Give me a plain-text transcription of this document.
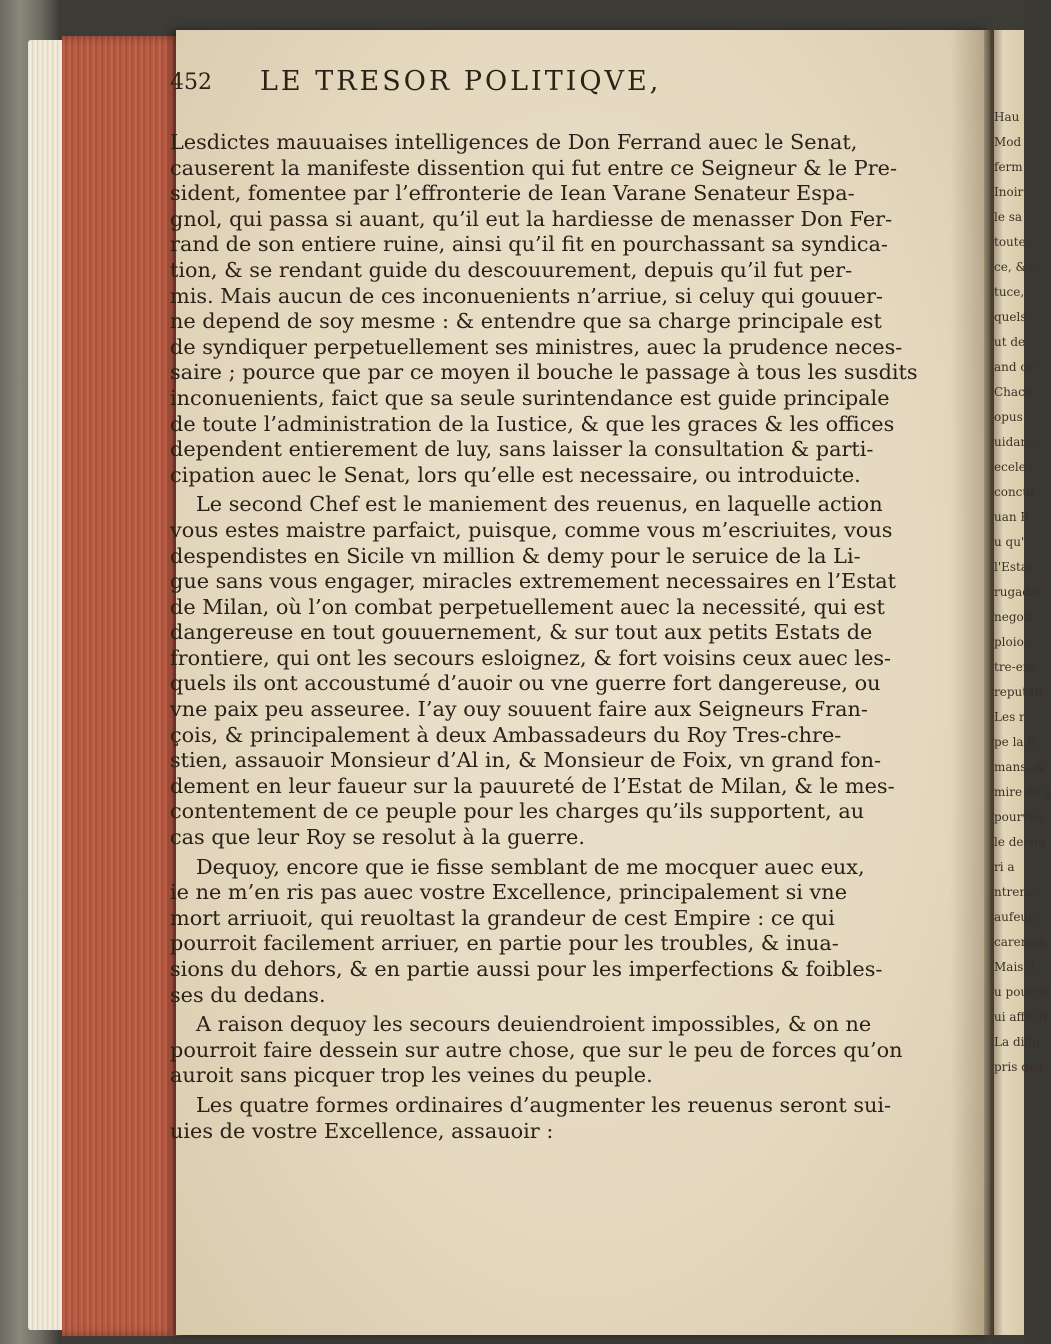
452 LE TRESOR POLITIQVE,
Lesdictes mauuaises intelligences de Don Ferrand auec le Senat,
causerent la manifeste dissention qui fut entre ce Seigneur & le Pre-
sident, fomentee par l’effronterie de Iean Varane Senateur Espa-
gnol, qui passa si auant, qu’il eut la hardiesse de menasser Don Fer-
rand de son entiere ruine, ainsi qu’il fit en pourchassant sa syndica-
tion, & se rendant guide du descouurement, depuis qu’il fut per-
mis. Mais aucun de ces inconuenients n’arriue, si celuy qui gouuer-
ne depend de soy mesme : & entendre que sa charge principale est
de syndiquer perpetuellement ses ministres, auec la prudence neces-
saire ; pource que par ce moyen il bouche le passage à tous les susdits
inconuenients, faict que sa seule surintendance est guide principale
de toute l’administration de la Iustice, & que les graces & les offices
dependent entierement de luy, sans laisser la consultation & parti-
cipation auec le Senat, lors qu’elle est necessaire, ou introduicte.
Le second Chef est le maniement des reuenus, en laquelle action
vous estes maistre parfaict, puisque, comme vous m’escriuites, vous
despendistes en Sicile vn million & demy pour le seruice de la Li-
gue sans vous engager, miracles extremement necessaires en l’Estat
de Milan, où l’on combat perpetuellement auec la necessité, qui est
dangereuse en tout gouuernement, & sur tout aux petits Estats de
frontiere, qui ont les secours esloignez, & fort voisins ceux auec les-
quels ils ont accoustumé d’auoir ou vne guerre fort dangereuse, ou
vne paix peu asseuree. I’ay ouy souuent faire aux Seigneurs Fran-
çois, & principalement à deux Ambassadeurs du Roy Tres-chre-
stien, assauoir Monsieur d’Al in, & Monsieur de Foix, vn grand fon-
dement en leur faueur sur la pauureté de l’Estat de Milan, & le mes-
contentement de ce peuple pour les charges qu’ils supportent, au
cas que leur Roy se resolut à la guerre.
Dequoy, encore que ie fisse semblant de me mocquer auec eux,
ie ne m’en ris pas auec vostre Excellence, principalement si vne
mort arriuoit, qui reuoltast la grandeur de cest Empire : ce qui
pourroit facilement arriuer, en partie pour les troubles, & inua-
sions du dehors, & en partie aussi pour les imperfections & foibles-
ses du dedans.
A raison dequoy les secours deuiendroient impossibles, & on ne
pourroit faire dessein sur autre chose, que sur le peu de forces qu’on
auroit sans picquer trop les veines du peuple.
Les quatre formes ordinaires d’augmenter les reuenus seront sui-
uies de vostre Excellence, assauoir :
Hau
Mod
ferm
Inoir
le sa
toute
ce, & l
tuce,
quels
ut de
and co
Chacu
opus
uidanc
ecele
concur
uan R
u qu'
l'Estat
rugadat
negoti
ploiou
tre-enc
reputati
Les r
pe la R
mans, &
mire de s
pourvus
le decou
ri a
ntrenç
aufeurs
caremen
Mais il
u pouche
ui affecti
La dilig
pris des
